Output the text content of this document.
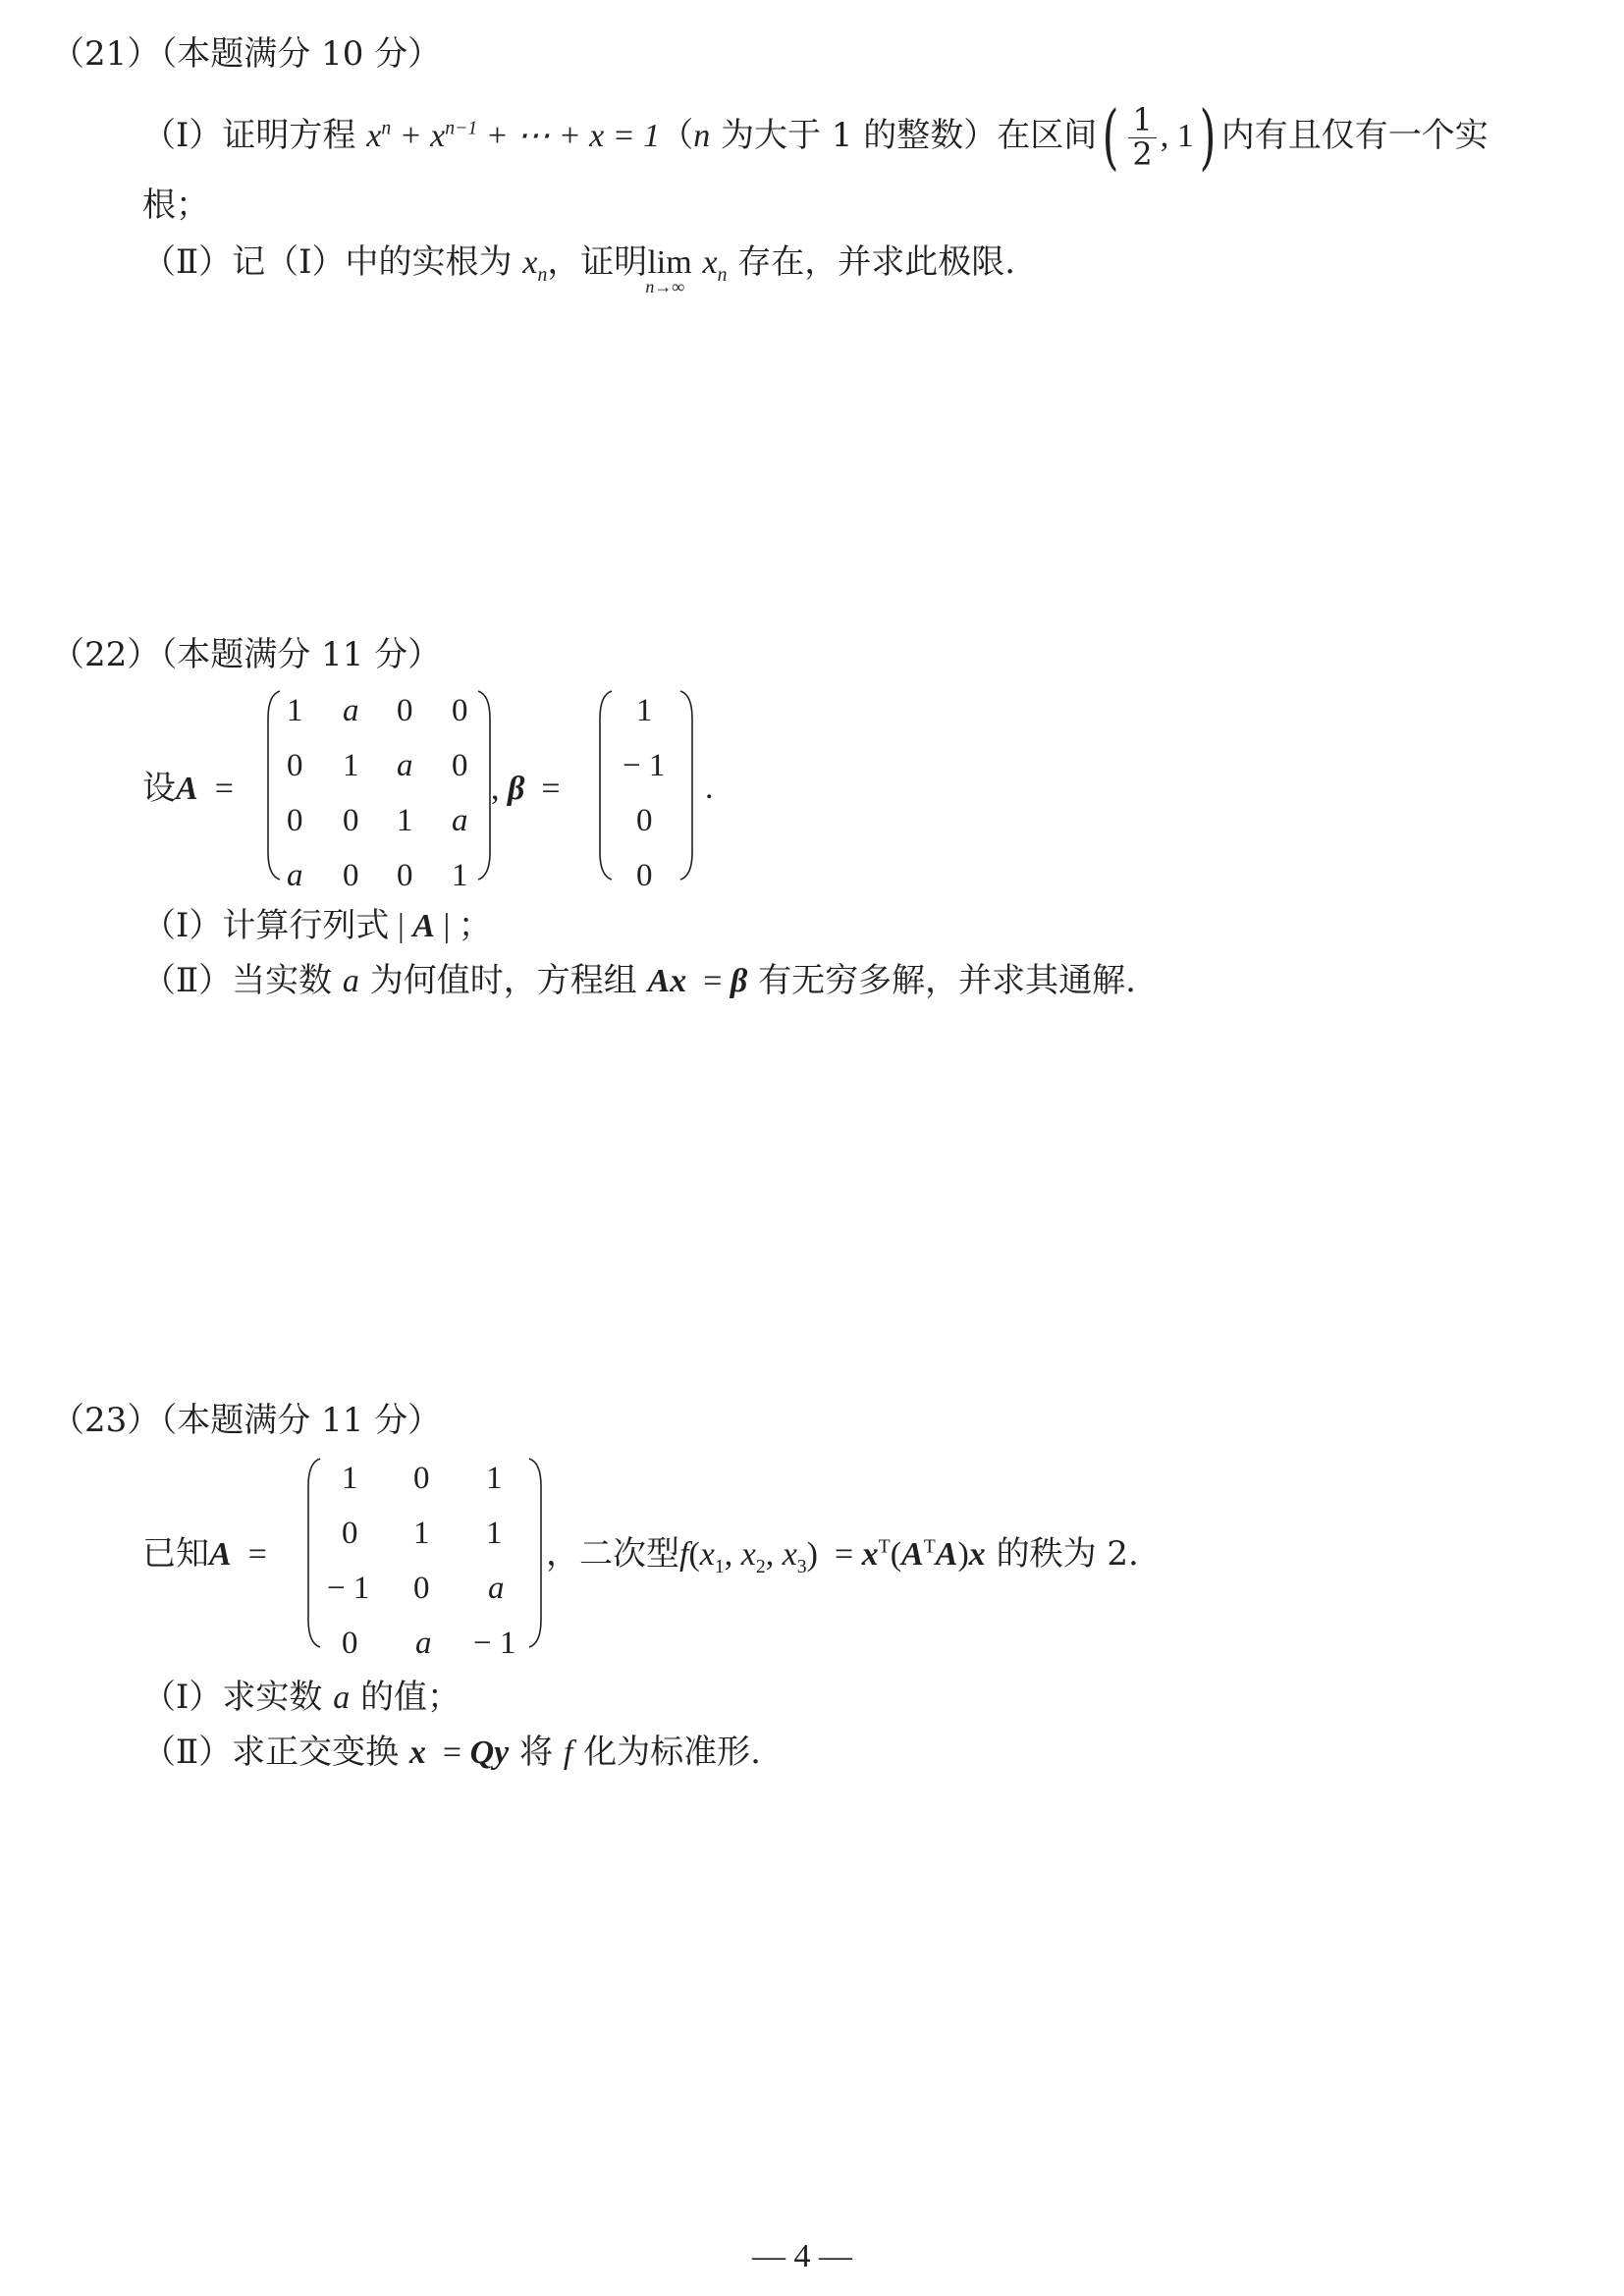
（21）（本题满分 10 分）
（Ⅰ）证明方程 $x^n + x^{n-1}$ + ⋯ + x = 1（n 为大于 1 的整数）在区间( $\frac{1}{2}$ , 1) 内有且仅有一个实
根；
（Ⅱ）记（Ⅰ）中的实根为 $x_n$，证明lim
n→∞
$x_n$ 存在，并求此极限.
（22）（本题满分 11 分）
设A  =
1 a 0 0
0 1 a 0
0 0 1 a
a 0 0 1
, β  =
1
− 1
0
0
.
（Ⅰ）计算行列式 | A | ；
（Ⅱ）当实数 a 为何值时，方程组 Ax  = β 有无穷多解，并求其通解.
（23）（本题满分 11 分）
已知A  =
1 0 1
0 1 1
− 1 0 a
0 a − 1
，二次型$f(x_1$, $x_2$, $x_3) = x^T(A^TA)x$ 的秩为 2.
（Ⅰ）求实数 a 的值；
（Ⅱ）求正交变换 x  = Qy 将 f 化为标准形.
— 4 —
